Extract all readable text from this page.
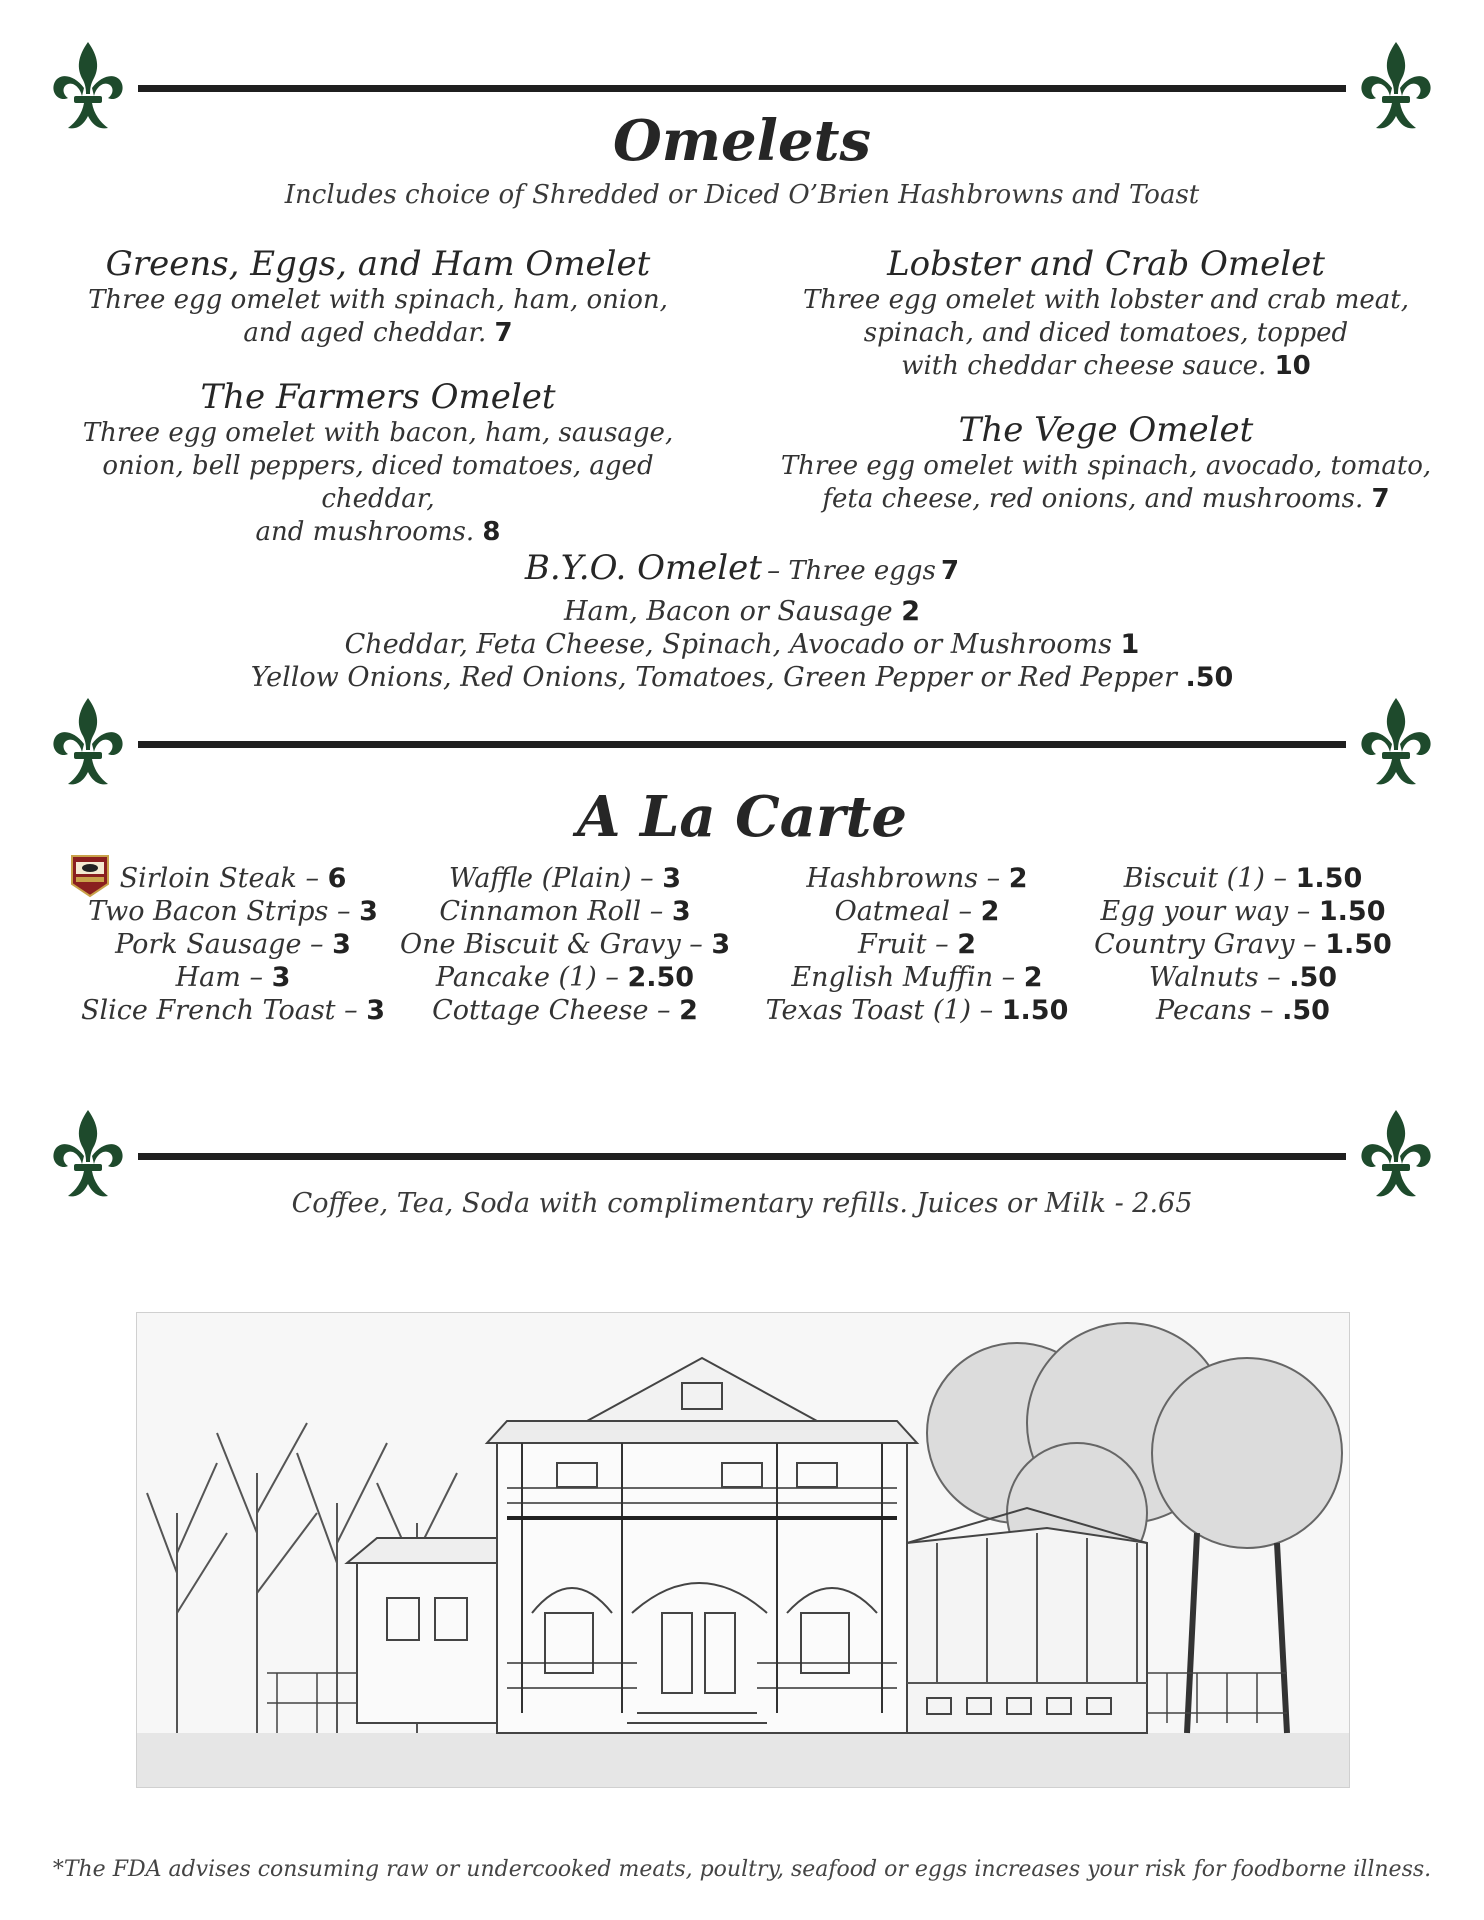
Omelets
Includes choice of Shredded or Diced O’Brien Hashbrowns and Toast
Greens, Eggs, and Ham Omelet
Three egg omelet with spinach, ham, onion,
and aged cheddar. 7
Lobster and Crab Omelet
Three egg omelet with lobster and crab meat,
spinach, and diced tomatoes, topped
with cheddar cheese sauce. 10
The Farmers Omelet
Three egg omelet with bacon, ham, sausage,
onion, bell peppers, diced tomatoes, aged cheddar,
and mushrooms. 8
The Vege Omelet
Three egg omelet with spinach, avocado, tomato,
feta cheese, red onions, and mushrooms. 7
B.Y.O. Omelet – Three eggs 7
Ham, Bacon or Sausage 2
Cheddar, Feta Cheese, Spinach, Avocado or Mushrooms 1
Yellow Onions, Red Onions, Tomatoes, Green Pepper or Red Pepper .50
A La Carte
Sirloin Steak – 6
Two Bacon Strips – 3
Pork Sausage – 3
Ham – 3
Slice French Toast – 3
Waffle (Plain) – 3
Cinnamon Roll – 3
One Biscuit & Gravy – 3
Pancake (1) – 2.50
Cottage Cheese – 2
Hashbrowns – 2
Oatmeal – 2
Fruit – 2
English Muffin – 2
Texas Toast (1) – 1.50
Biscuit (1) – 1.50
Egg your way – 1.50
Country Gravy – 1.50
Walnuts – .50
Pecans – .50
Coffee, Tea, Soda with complimentary refills. Juices or Milk - 2.65
*The FDA advises consuming raw or undercooked meats, poultry, seafood or eggs increases your risk for foodborne illness.
